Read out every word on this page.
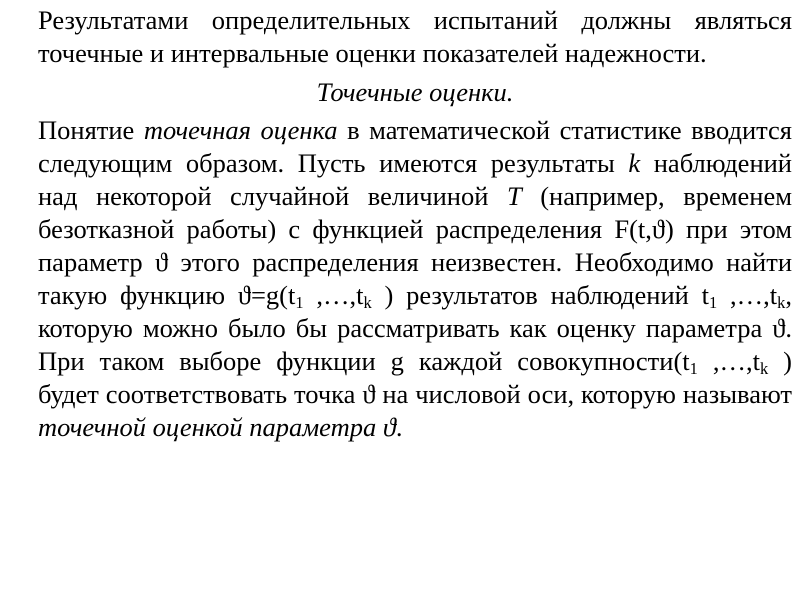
Результатами определительных испытаний должны являться точечные и интервальные оценки показателей надежности.

Точечные оценки.

Понятие точечная оценка в математической статистике вводится следующим образом. Пусть имеются результаты k наблюдений над некоторой случайной величиной T (например, временем безотказной работы) с функцией распределения F(t,ϑ) при этом параметр ϑ этого распределения неизвестен. Необходимо найти такую функцию $ϑ=g(t_1$ $,\dots,t_k$ ) результатов наблюдений $t_1$ $,\dots,t_k$, которую можно было бы рассматривать как оценку параметра ϑ. При таком выборе функции g каждой $совокупности(t_1$ $,\dots,t_k$ ) будет соответствовать точка ϑ на числовой оси, которую называют точечной оценкой параметра ϑ.
